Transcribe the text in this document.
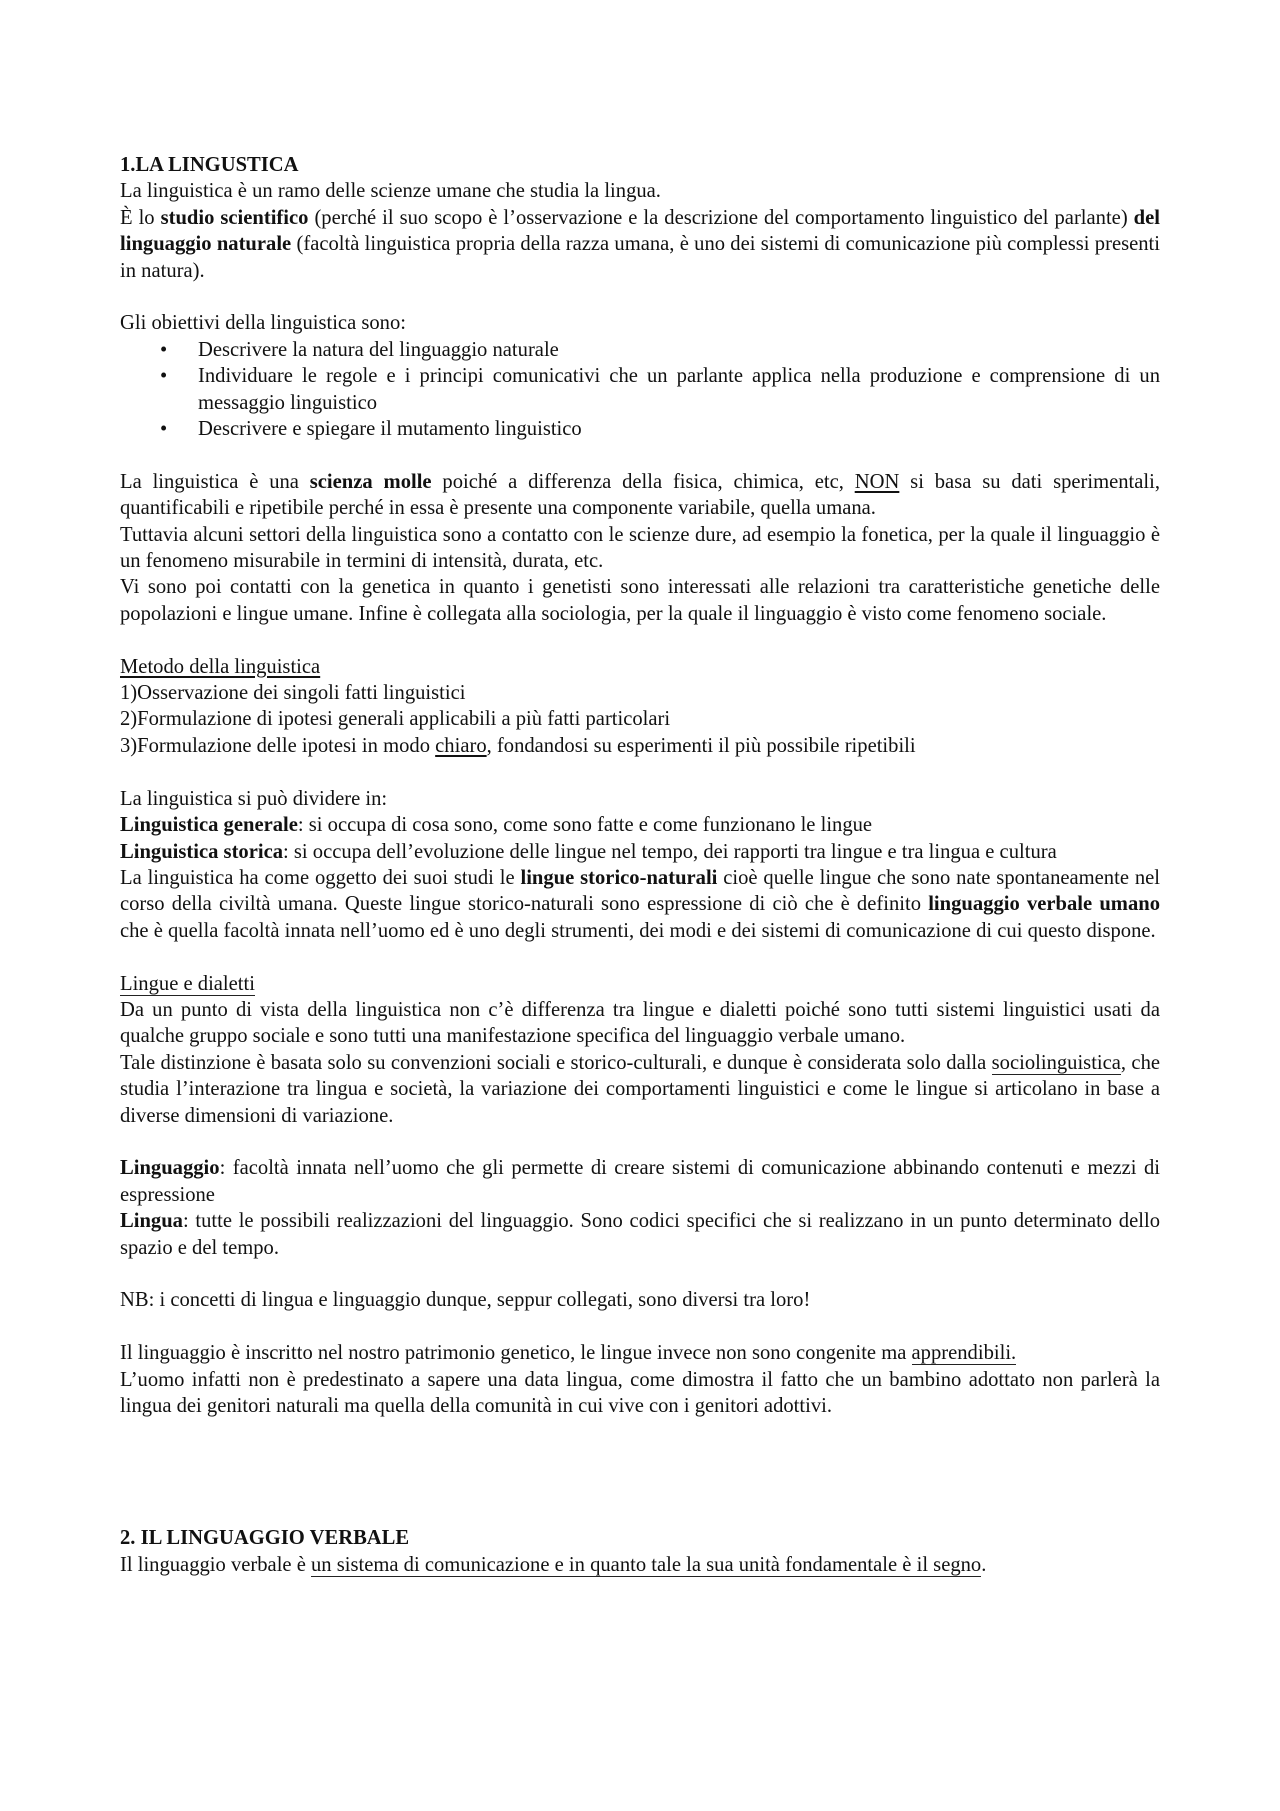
1.LA LINGUSTICA

La linguistica è un ramo delle scienze umane che studia la lingua.

È lo studio scientifico (perché il suo scopo è l’osservazione e la descrizione del comportamento linguistico del parlante) del linguaggio naturale (facoltà linguistica propria della razza umana, è uno dei sistemi di comunicazione più complessi presenti in natura).

Gli obiettivi della linguistica sono:

• Descrivere la natura del linguaggio naturale
• Individuare le regole e i principi comunicativi che un parlante applica nella produzione e comprensione di un messaggio linguistico
• Descrivere e spiegare il mutamento linguistico

La linguistica è una scienza molle poiché a differenza della fisica, chimica, etc, NON si basa su dati sperimentali, quantificabili e ripetibile perché in essa è presente una componente variabile, quella umana.

Tuttavia alcuni settori della linguistica sono a contatto con le scienze dure, ad esempio la fonetica, per la quale il linguaggio è un fenomeno misurabile in termini di intensità, durata, etc.

Vi sono poi contatti con la genetica in quanto i genetisti sono interessati alle relazioni tra caratteristiche genetiche delle popolazioni e lingue umane. Infine è collegata alla sociologia, per la quale il linguaggio è visto come fenomeno sociale.

Metodo della linguistica

1)Osservazione dei singoli fatti linguistici

2)Formulazione di ipotesi generali applicabili a più fatti particolari

3)Formulazione delle ipotesi in modo chiaro, fondandosi su esperimenti il più possibile ripetibili

La linguistica si può dividere in:

Linguistica generale: si occupa di cosa sono, come sono fatte e come funzionano le lingue

Linguistica storica: si occupa dell’evoluzione delle lingue nel tempo, dei rapporti tra lingue e tra lingua e cultura

La linguistica ha come oggetto dei suoi studi le lingue storico-naturali cioè quelle lingue che sono nate spontaneamente nel corso della civiltà umana. Queste lingue storico-naturali sono espressione di ciò che è definito linguaggio verbale umano che è quella facoltà innata nell’uomo ed è uno degli strumenti, dei modi e dei sistemi di comunicazione di cui questo dispone.

Lingue e dialetti

Da un punto di vista della linguistica non c’è differenza tra lingue e dialetti poiché sono tutti sistemi linguistici usati da qualche gruppo sociale e sono tutti una manifestazione specifica del linguaggio verbale umano.

Tale distinzione è basata solo su convenzioni sociali e storico-culturali, e dunque è considerata solo dalla sociolinguistica, che studia l’interazione tra lingua e società, la variazione dei comportamenti linguistici e come le lingue si articolano in base a diverse dimensioni di variazione.

Linguaggio: facoltà innata nell’uomo che gli permette di creare sistemi di comunicazione abbinando contenuti e mezzi di espressione

Lingua: tutte le possibili realizzazioni del linguaggio. Sono codici specifici che si realizzano in un punto determinato dello spazio e del tempo.

NB: i concetti di lingua e linguaggio dunque, seppur collegati, sono diversi tra loro!

Il linguaggio è inscritto nel nostro patrimonio genetico, le lingue invece non sono congenite ma apprendibili.

L’uomo infatti non è predestinato a sapere una data lingua, come dimostra il fatto che un bambino adottato non parlerà la lingua dei genitori naturali ma quella della comunità in cui vive con i genitori adottivi.

2. IL LINGUAGGIO VERBALE

Il linguaggio verbale è un sistema di comunicazione e in quanto tale la sua unità fondamentale è il segno.
